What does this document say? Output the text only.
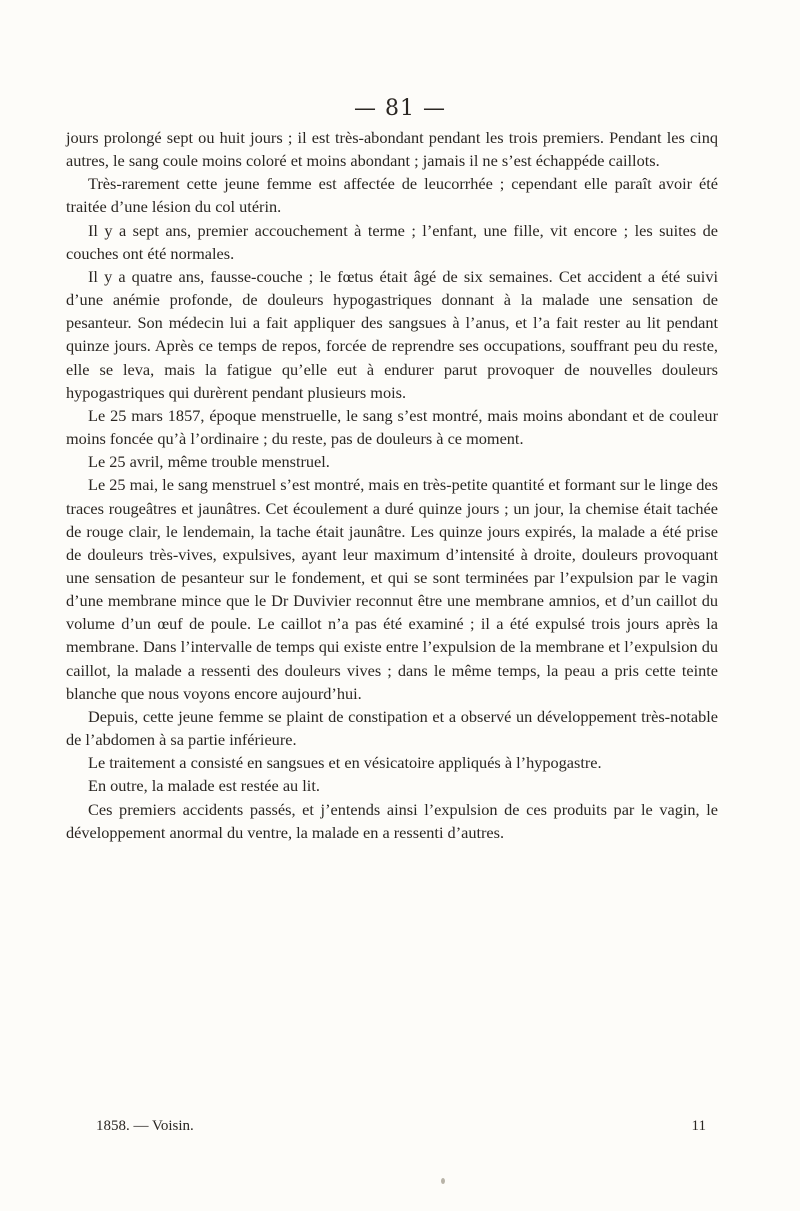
— 81 —

jours prolongé sept ou huit jours ; il est très-abondant pendant les trois premiers. Pendant les cinq autres, le sang coule moins coloré et moins abondant ; jamais il ne s’est échappéde caillots.

Très-rarement cette jeune femme est affectée de leucorrhée ; cependant elle paraît avoir été traitée d’une lésion du col utérin.

Il y a sept ans, premier accouchement à terme ; l’enfant, une fille, vit encore ; les suites de couches ont été normales.

Il y a quatre ans, fausse-couche ; le fœtus était âgé de six semaines. Cet accident a été suivi d’une anémie profonde, de douleurs hypogastriques donnant à la malade une sensation de pesanteur. Son médecin lui a fait appliquer des sangsues à l’anus, et l’a fait rester au lit pendant quinze jours. Après ce temps de repos, forcée de reprendre ses occupations, souffrant peu du reste, elle se leva, mais la fatigue qu’elle eut à endurer parut provoquer de nouvelles douleurs hypogastriques qui durèrent pendant plusieurs mois.

Le 25 mars 1857, époque menstruelle, le sang s’est montré, mais moins abondant et de couleur moins foncée qu’à l’ordinaire ; du reste, pas de douleurs à ce moment.

Le 25 avril, même trouble menstruel.

Le 25 mai, le sang menstruel s’est montré, mais en très-petite quantité et formant sur le linge des traces rougeâtres et jaunâtres. Cet écoulement a duré quinze jours ; un jour, la chemise était tachée de rouge clair, le lendemain, la tache était jaunâtre. Les quinze jours expirés, la malade a été prise de douleurs très-vives, expulsives, ayant leur maximum d’intensité à droite, douleurs provoquant une sensation de pesanteur sur le fondement, et qui se sont terminées par l’expulsion par le vagin d’une membrane mince que le Dr Duvivier reconnut être une membrane amnios, et d’un caillot du volume d’un œuf de poule. Le caillot n’a pas été examiné ; il a été expulsé trois jours après la membrane. Dans l’intervalle de temps qui existe entre l’expulsion de la membrane et l’expulsion du caillot, la malade a ressenti des douleurs vives ; dans le même temps, la peau a pris cette teinte blanche que nous voyons encore aujourd’hui.

Depuis, cette jeune femme se plaint de constipation et a observé un développement très-notable de l’abdomen à sa partie inférieure.

Le traitement a consisté en sangsues et en vésicatoire appliqués à l’hypogastre.

En outre, la malade est restée au lit.

Ces premiers accidents passés, et j’entends ainsi l’expulsion de ces produits par le vagin, le développement anormal du ventre, la malade en a ressenti d’autres.

1858. — Voisin.	11
